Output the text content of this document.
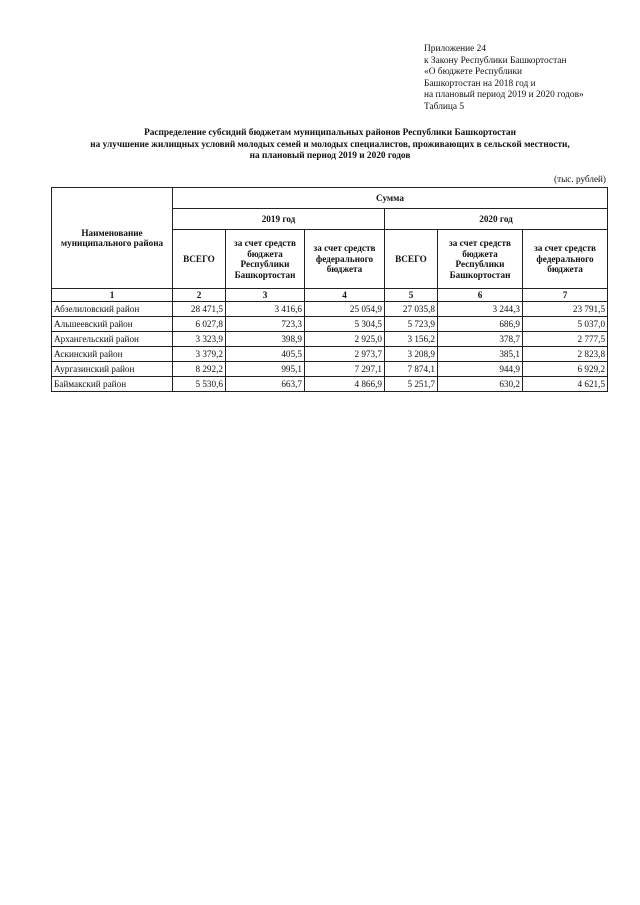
Приложение 24
к Закону Республики Башкортостан
«О бюджете Республики
Башкортостан на 2018 год и
на плановый период 2019 и 2020 годов»
Таблица 5
Распределение субсидий бюджетам муниципальных районов Республики Башкортостан
на улучшение жилищных условий молодых семей и молодых специалистов, проживающих в сельской местности,
на плановый период 2019 и 2020 годов
(тыс. рублей)
Наименование муниципального района	Сумма					
	2019 год			2020 год		
	ВСЕГО	за счет средств бюджета Республики Башкортостан	за счет средств федерального бюджета	ВСЕГО	за счет средств бюджета Республики Башкортостан	за счет средств федерального бюджета
1	2	3	4	5	6	7
Абзелиловский район	28 471,5	3 416,6	25 054,9	27 035,8	3 244,3	23 791,5
Альшеевский район	6 027,8	723,3	5 304,5	5 723,9	686,9	5 037,0
Архангельский район	3 323,9	398,9	2 925,0	3 156,2	378,7	2 777,5
Аскинский район	3 379,2	405,5	2 973,7	3 208,9	385,1	2 823,8
Аургазинский район	8 292,2	995,1	7 297,1	7 874,1	944,9	6 929,2
Баймакский район	5 530,6	663,7	4 866,9	5 251,7	630,2	4 621,5
